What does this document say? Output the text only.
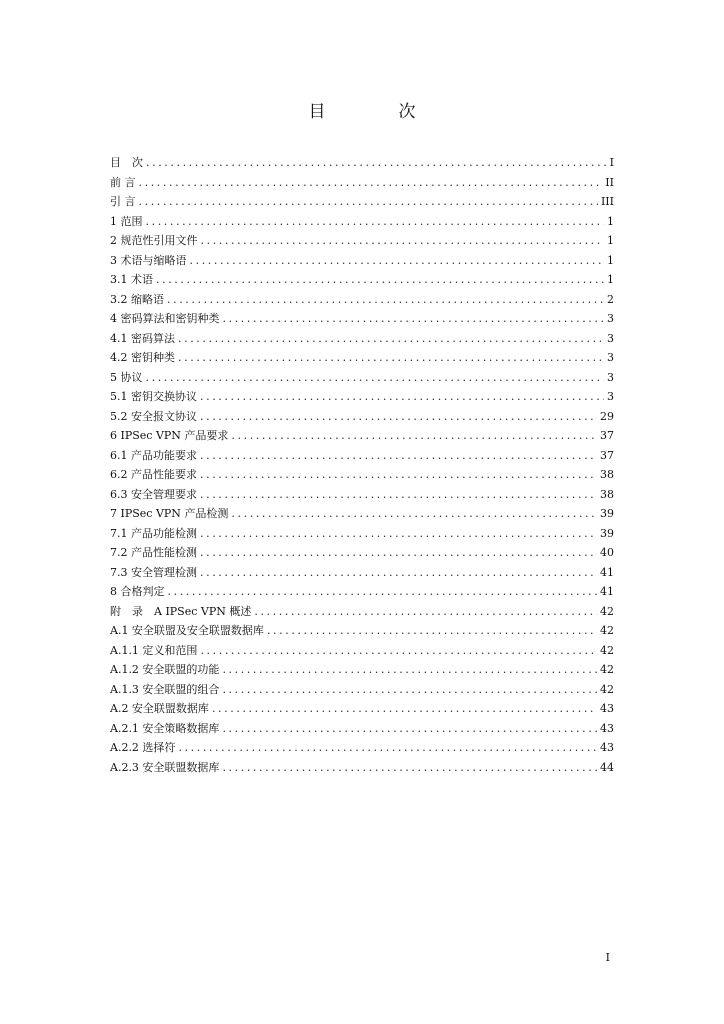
目　次
目　次 .....	I
前 言 .....	II
引 言 .....	III
1 范围 .....	1
2 规范性引用文件 .....	1
3 术语与缩略语 .....	1
3.1 术语 .....	1
3.2 缩略语 .....	2
4 密码算法和密钥种类 .....	3
4.1 密码算法 .....	3
4.2 密钥种类 .....	3
5 协议 .....	3
5.1 密钥交换协议 .....	3
5.2 安全报文协议 .....	29
6 IPSec VPN 产品要求 .....	37
6.1 产品功能要求 .....	37
6.2 产品性能要求 .....	38
6.3 安全管理要求 .....	38
7 IPSec VPN 产品检测 .....	39
7.1 产品功能检测 .....	39
7.2 产品性能检测 .....	40
7.3 安全管理检测 .....	41
8 合格判定 .....	41
附　录　A IPSec VPN 概述 .....	42
A.1 安全联盟及安全联盟数据库 .....	42
A.1.1 定义和范围 .....	42
A.1.2 安全联盟的功能 .....	42
A.1.3 安全联盟的组合 .....	42
A.2 安全联盟数据库 .....	43
A.2.1 安全策略数据库 .....	43
A.2.2 选择符 .....	43
A.2.3 安全联盟数据库 .....	44
I
